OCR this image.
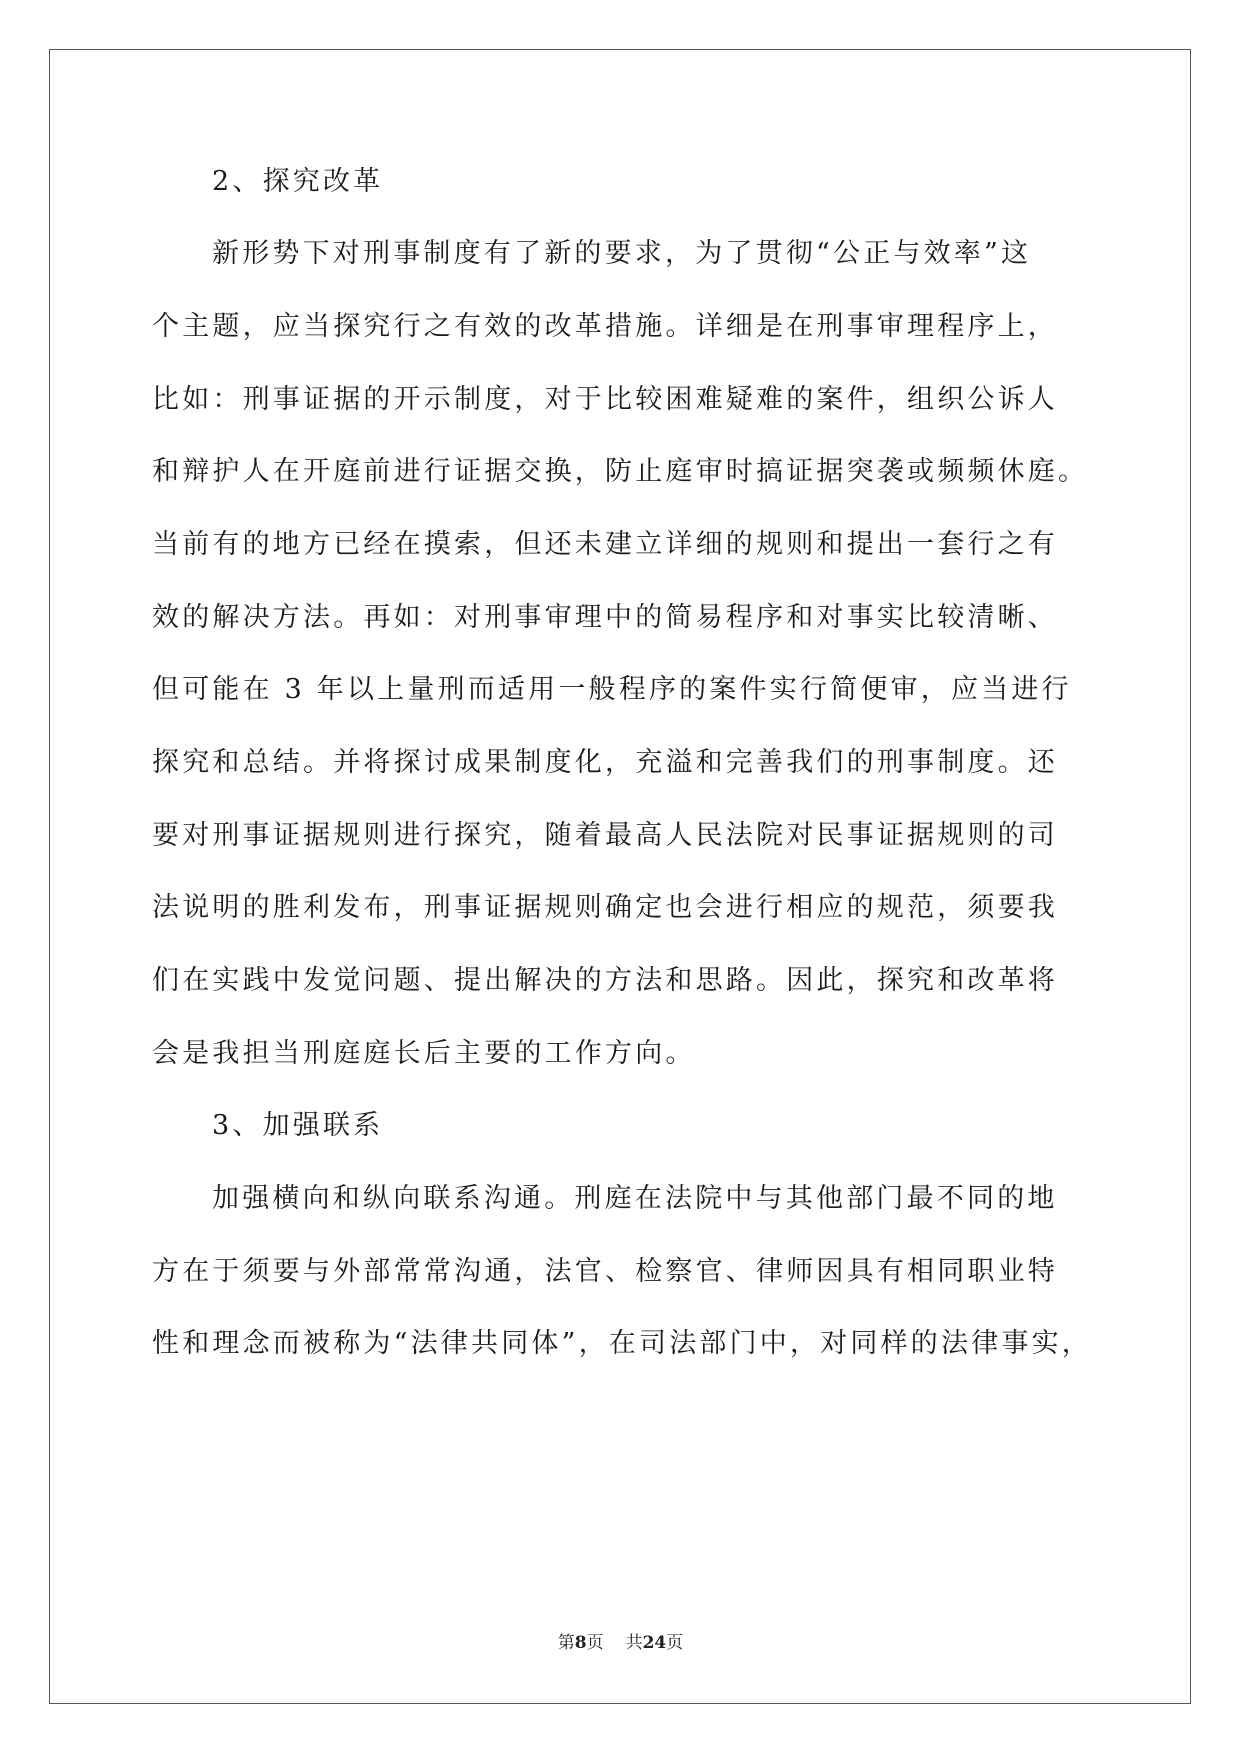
2、探究改革
新形势下对刑事制度有了新的要求，为了贯彻“公正与效率”这
个主题，应当探究行之有效的改革措施。详细是在刑事审理程序上，
比如：刑事证据的开示制度，对于比较困难疑难的案件，组织公诉人
和辩护人在开庭前进行证据交换，防止庭审时搞证据突袭或频频休庭。
当前有的地方已经在摸索，但还未建立详细的规则和提出一套行之有
效的解决方法。再如：对刑事审理中的简易程序和对事实比较清晰、
但可能在 3 年以上量刑而适用一般程序的案件实行简便审，应当进行
探究和总结。并将探讨成果制度化，充溢和完善我们的刑事制度。还
要对刑事证据规则进行探究，随着最高人民法院对民事证据规则的司
法说明的胜利发布，刑事证据规则确定也会进行相应的规范，须要我
们在实践中发觉问题、提出解决的方法和思路。因此，探究和改革将
会是我担当刑庭庭长后主要的工作方向。
3、加强联系
加强横向和纵向联系沟通。刑庭在法院中与其他部门最不同的地
方在于须要与外部常常沟通，法官、检察官、律师因具有相同职业特
性和理念而被称为“法律共同体”，在司法部门中，对同样的法律事实，
第8页 共24页
